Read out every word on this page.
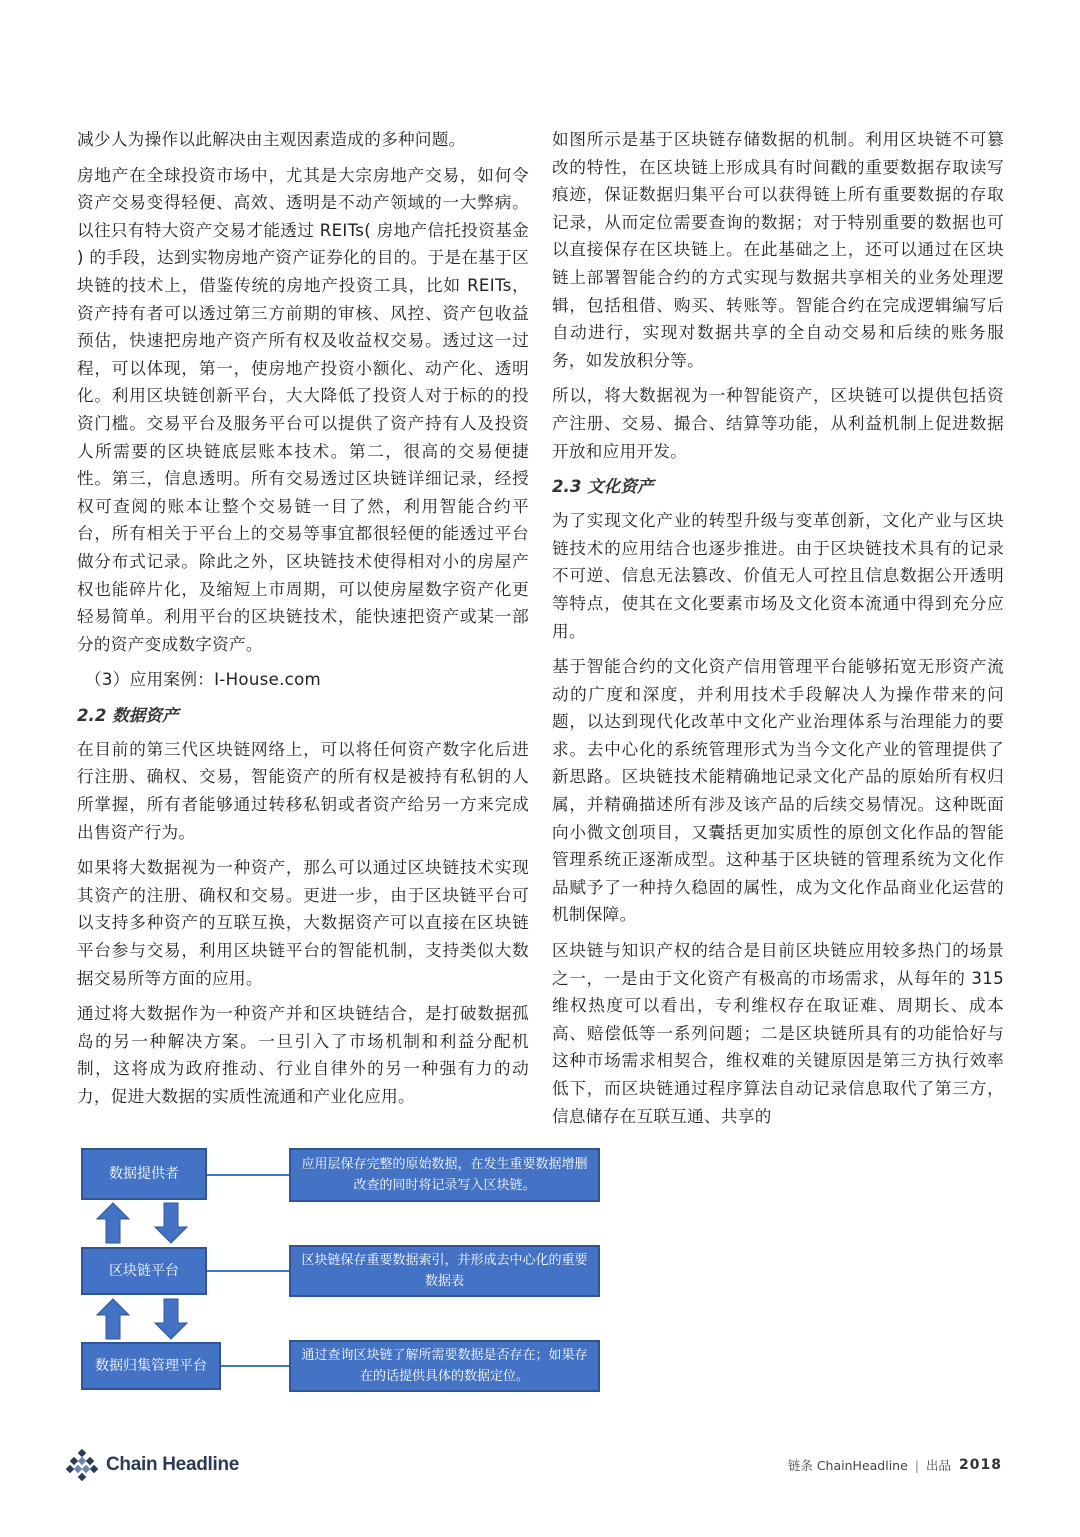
减少人为操作以此解决由主观因素造成的多种问题。

房地产在全球投资市场中，尤其是大宗房地产交易，如何令资产交易变得轻便、高效、透明是不动产领域的一大弊病。以往只有特大资产交易才能透过 REITs( 房地产信托投资基金 ) 的手段，达到实物房地产资产证券化的目的。于是在基于区块链的技术上，借鉴传统的房地产投资工具，比如 REITs，资产持有者可以透过第三方前期的审核、风控、资产包收益预估，快速把房地产资产所有权及收益权交易。透过这一过程，可以体现，第一，使房地产投资小额化、动产化、透明化。利用区块链创新平台，大大降低了投资人对于标的的投资门槛。交易平台及服务平台可以提供了资产持有人及投资人所需要的区块链底层账本技术。第二，很高的交易便捷性。第三，信息透明。所有交易透过区块链详细记录，经授权可查阅的账本让整个交易链一目了然，利用智能合约平台，所有相关于平台上的交易等事宜都很轻便的能透过平台做分布式记录。除此之外，区块链技术使得相对小的房屋产权也能碎片化，及缩短上市周期，可以使房屋数字资产化更轻易简单。利用平台的区块链技术，能快速把资产或某一部分的资产变成数字资产。

（3）应用案例：I-House.com

2.2 数据资产

在目前的第三代区块链网络上，可以将任何资产数字化后进行注册、确权、交易，智能资产的所有权是被持有私钥的人所掌握，所有者能够通过转移私钥或者资产给另一方来完成出售资产行为。

如果将大数据视为一种资产，那么可以通过区块链技术实现其资产的注册、确权和交易。更进一步，由于区块链平台可以支持多种资产的互联互换，大数据资产可以直接在区块链平台参与交易，利用区块链平台的智能机制，支持类似大数据交易所等方面的应用。

通过将大数据作为一种资产并和区块链结合，是打破数据孤岛的另一种解决方案。一旦引入了市场机制和利益分配机制，这将成为政府推动、行业自律外的另一种强有力的动力，促进大数据的实质性流通和产业化应用。

如图所示是基于区块链存储数据的机制。利用区块链不可篡改的特性，在区块链上形成具有时间戳的重要数据存取读写痕迹，保证数据归集平台可以获得链上所有重要数据的存取记录，从而定位需要查询的数据；对于特别重要的数据也可以直接保存在区块链上。在此基础之上，还可以通过在区块链上部署智能合约的方式实现与数据共享相关的业务处理逻辑，包括租借、购买、转账等。智能合约在完成逻辑编写后自动进行，实现对数据共享的全自动交易和后续的账务服务，如发放积分等。

所以，将大数据视为一种智能资产，区块链可以提供包括资产注册、交易、撮合、结算等功能，从利益机制上促进数据开放和应用开发。

2.3 文化资产

为了实现文化产业的转型升级与变革创新，文化产业与区块链技术的应用结合也逐步推进。由于区块链技术具有的记录不可逆、信息无法篡改、价值无人可控且信息数据公开透明等特点，使其在文化要素市场及文化资本流通中得到充分应用。

基于智能合约的文化资产信用管理平台能够拓宽无形资产流动的广度和深度，并利用技术手段解决人为操作带来的问题，以达到现代化改革中文化产业治理体系与治理能力的要求。去中心化的系统管理形式为当今文化产业的管理提供了新思路。区块链技术能精确地记录文化产品的原始所有权归属，并精确描述所有涉及该产品的后续交易情况。这种既面向小微文创项目，又囊括更加实质性的原创文化作品的智能管理系统正逐渐成型。这种基于区块链的管理系统为文化作品赋予了一种持久稳固的属性，成为文化作品商业化运营的机制保障。

区块链与知识产权的结合是目前区块链应用较多热门的场景之一，一是由于文化资产有极高的市场需求，从每年的 315 维权热度可以看出，专利维权存在取证难、周期长、成本高、赔偿低等一系列问题；二是区块链所具有的功能恰好与这种市场需求相契合，维权难的关键原因是第三方执行效率低下，而区块链通过程序算法自动记录信息取代了第三方，信息储存在互联互通、共享的

数据提供者
区块链平台
数据归集管理平台
应用层保存完整的原始数据，在发生重要数据增删改查的同时将记录写入区块链。
区块链保存重要数据索引，并形成去中心化的重要数据表
通过查询区块链了解所需要数据是否存在；如果存在的话提供具体的数据定位。
Chain Headline	链条 ChainHeadline | 出品 2018
